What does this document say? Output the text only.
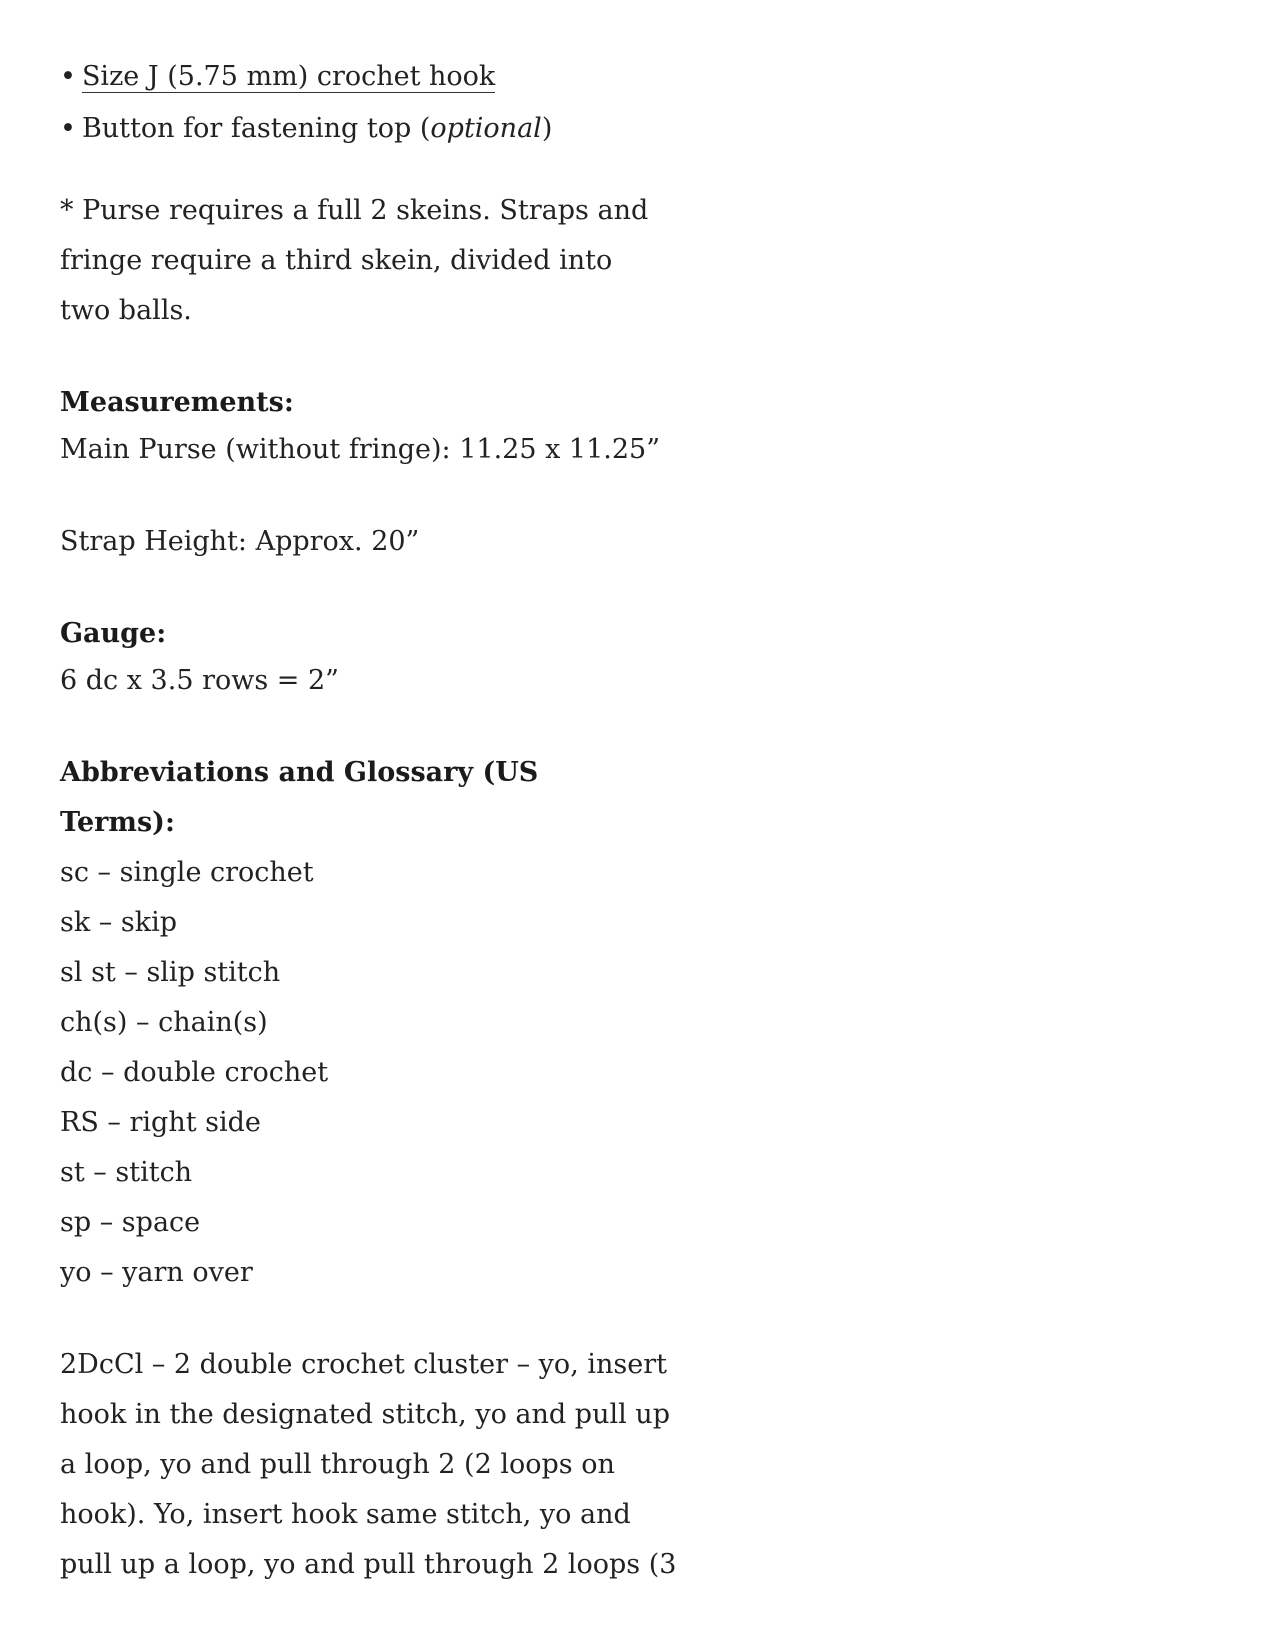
• Size J (5.75 mm) crochet hook
• Button for fastening top (optional)

* Purse requires a full 2 skeins. Straps and fringe require a third skein, divided into two balls.

Measurements:

Main Purse (without fringe): 11.25 x 11.25”

Strap Height: Approx. 20”

Gauge:

6 dc x 3.5 rows = 2”

Abbreviations and Glossary (US Terms):

sc – single crochet
sk – skip
sl st – slip stitch
ch(s) – chain(s)
dc – double crochet
RS – right side
st – stitch
sp – space
yo – yarn over

2DcCl – 2 double crochet cluster – yo, insert

hook in the designated stitch, yo and pull up

a loop, yo and pull through 2 (2 loops on

hook). Yo, insert hook same stitch, yo and

pull up a loop, yo and pull through 2 loops (3
